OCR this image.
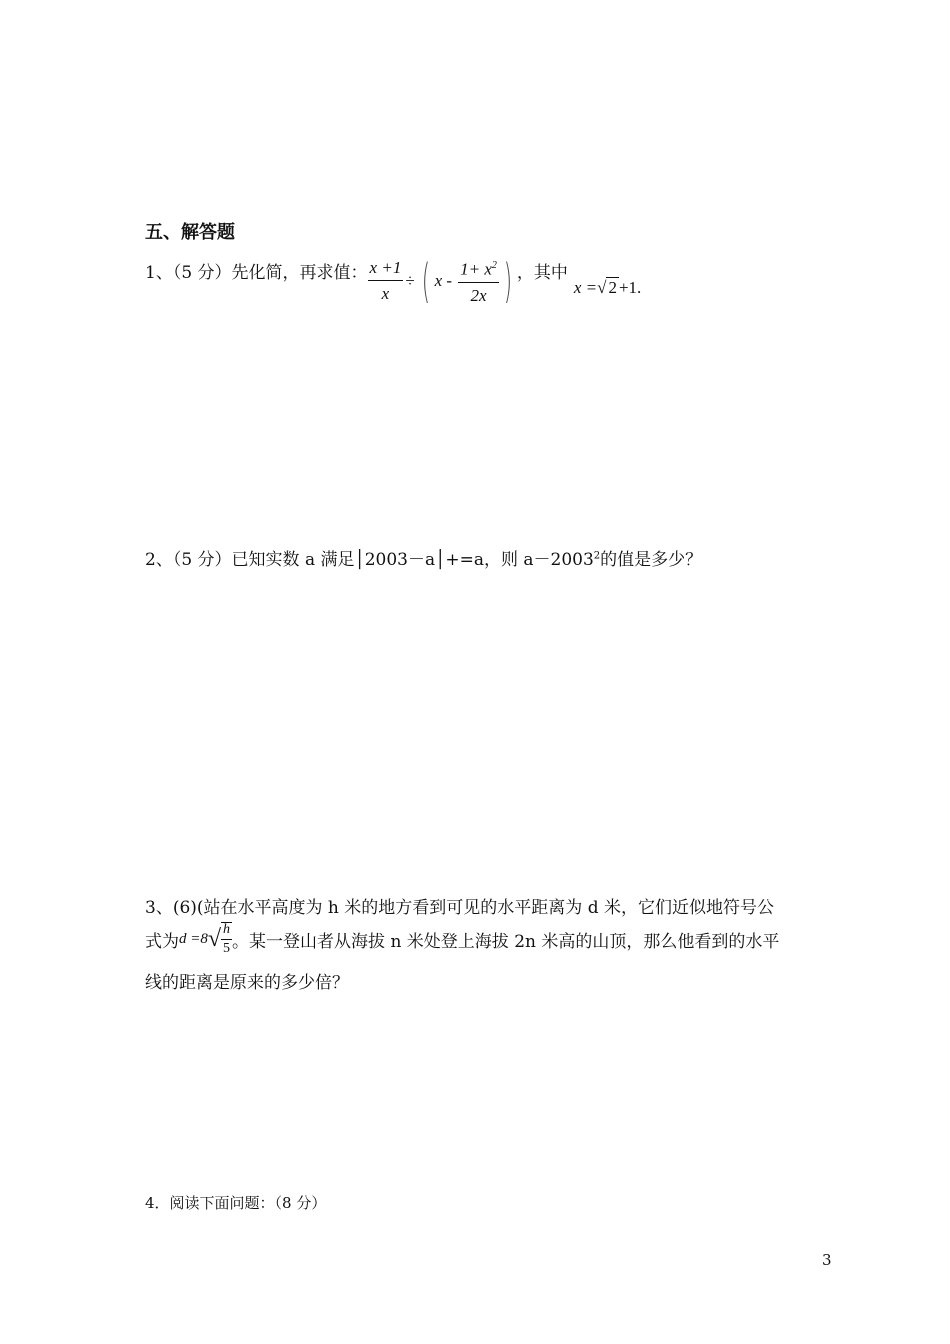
五、解答题
1、（5 分）先化简，再求值： $\frac{x +1}{x}$ ÷ ( x - $\frac{1+ x^2}{2x}$ ) ，其中
x =√ 2 +1.
2、（5 分）已知实数 a 满足│2003－a│+=a，则 $a-2003^2$的值是多少？
3、(6)(站在水平高度为 h 米的地方看到可见的水平距离为 d 米，它们近似地符号公
式为 d =8 √ $\frac{h}{5}$ 。某一登山者从海拔 n 米处登上海拔 2n 米高的山顶，那么他看到的水平
线的距离是原来的多少倍？
4．阅读下面问题：（8 分）
3
